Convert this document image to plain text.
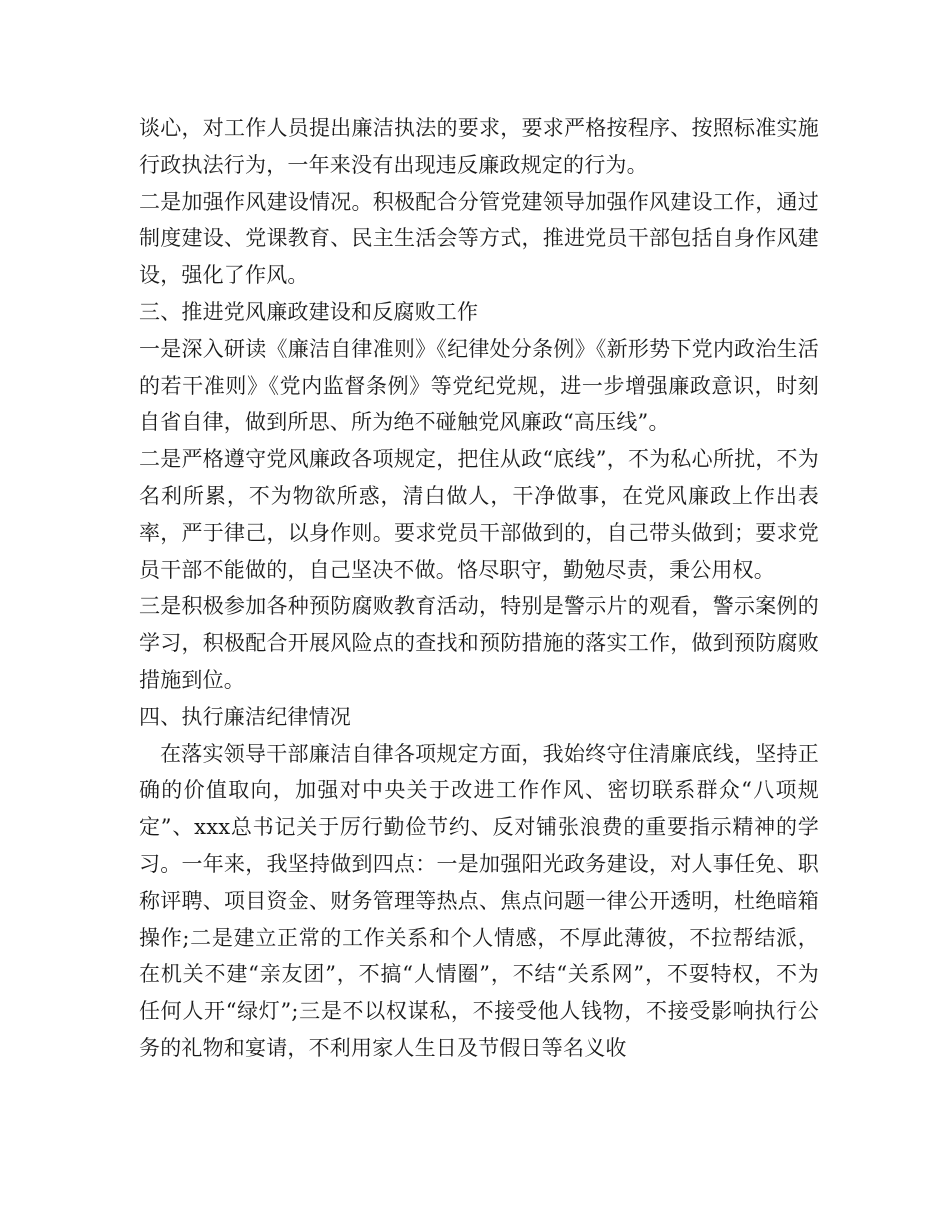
谈心，对工作人员提出廉洁执法的要求，要求严格按程序、按照标准实施行政执法行为，一年来没有出现违反廉政规定的行为。

二是加强作风建设情况。积极配合分管党建领导加强作风建设工作，通过制度建设、党课教育、民主生活会等方式，推进党员干部包括自身作风建设，强化了作风。

三、推进党风廉政建设和反腐败工作

一是深入研读《廉洁自律准则》《纪律处分条例》《新形势下党内政治生活的若干准则》《党内监督条例》等党纪党规，进一步增强廉政意识，时刻自省自律，做到所思、所为绝不碰触党风廉政“高压线”。

二是严格遵守党风廉政各项规定，把住从政“底线”，不为私心所扰，不为名利所累，不为物欲所惑，清白做人，干净做事，在党风廉政上作出表率，严于律己，以身作则。要求党员干部做到的，自己带头做到；要求党员干部不能做的，自己坚决不做。恪尽职守，勤勉尽责，秉公用权。

三是积极参加各种预防腐败教育活动，特别是警示片的观看，警示案例的学习，积极配合开展风险点的查找和预防措施的落实工作，做到预防腐败措施到位。

四、执行廉洁纪律情况

在落实领导干部廉洁自律各项规定方面，我始终守住清廉底线，坚持正确的价值取向，加强对中央关于改进工作作风、密切联系群众“八项规定”、xxx总书记关于厉行勤俭节约、反对铺张浪费的重要指示精神的学习。一年来，我坚持做到四点：一是加强阳光政务建设，对人事任免、职称评聘、项目资金、财务管理等热点、焦点问题一律公开透明，杜绝暗箱操作;二是建立正常的工作关系和个人情感，不厚此薄彼，不拉帮结派，在机关不建“亲友团”，不搞“人情圈”，不结“关系网”，不耍特权，不为任何人开“绿灯”;三是不以权谋私，不接受他人钱物，不接受影响执行公务的礼物和宴请，不利用家人生日及节假日等名义收
